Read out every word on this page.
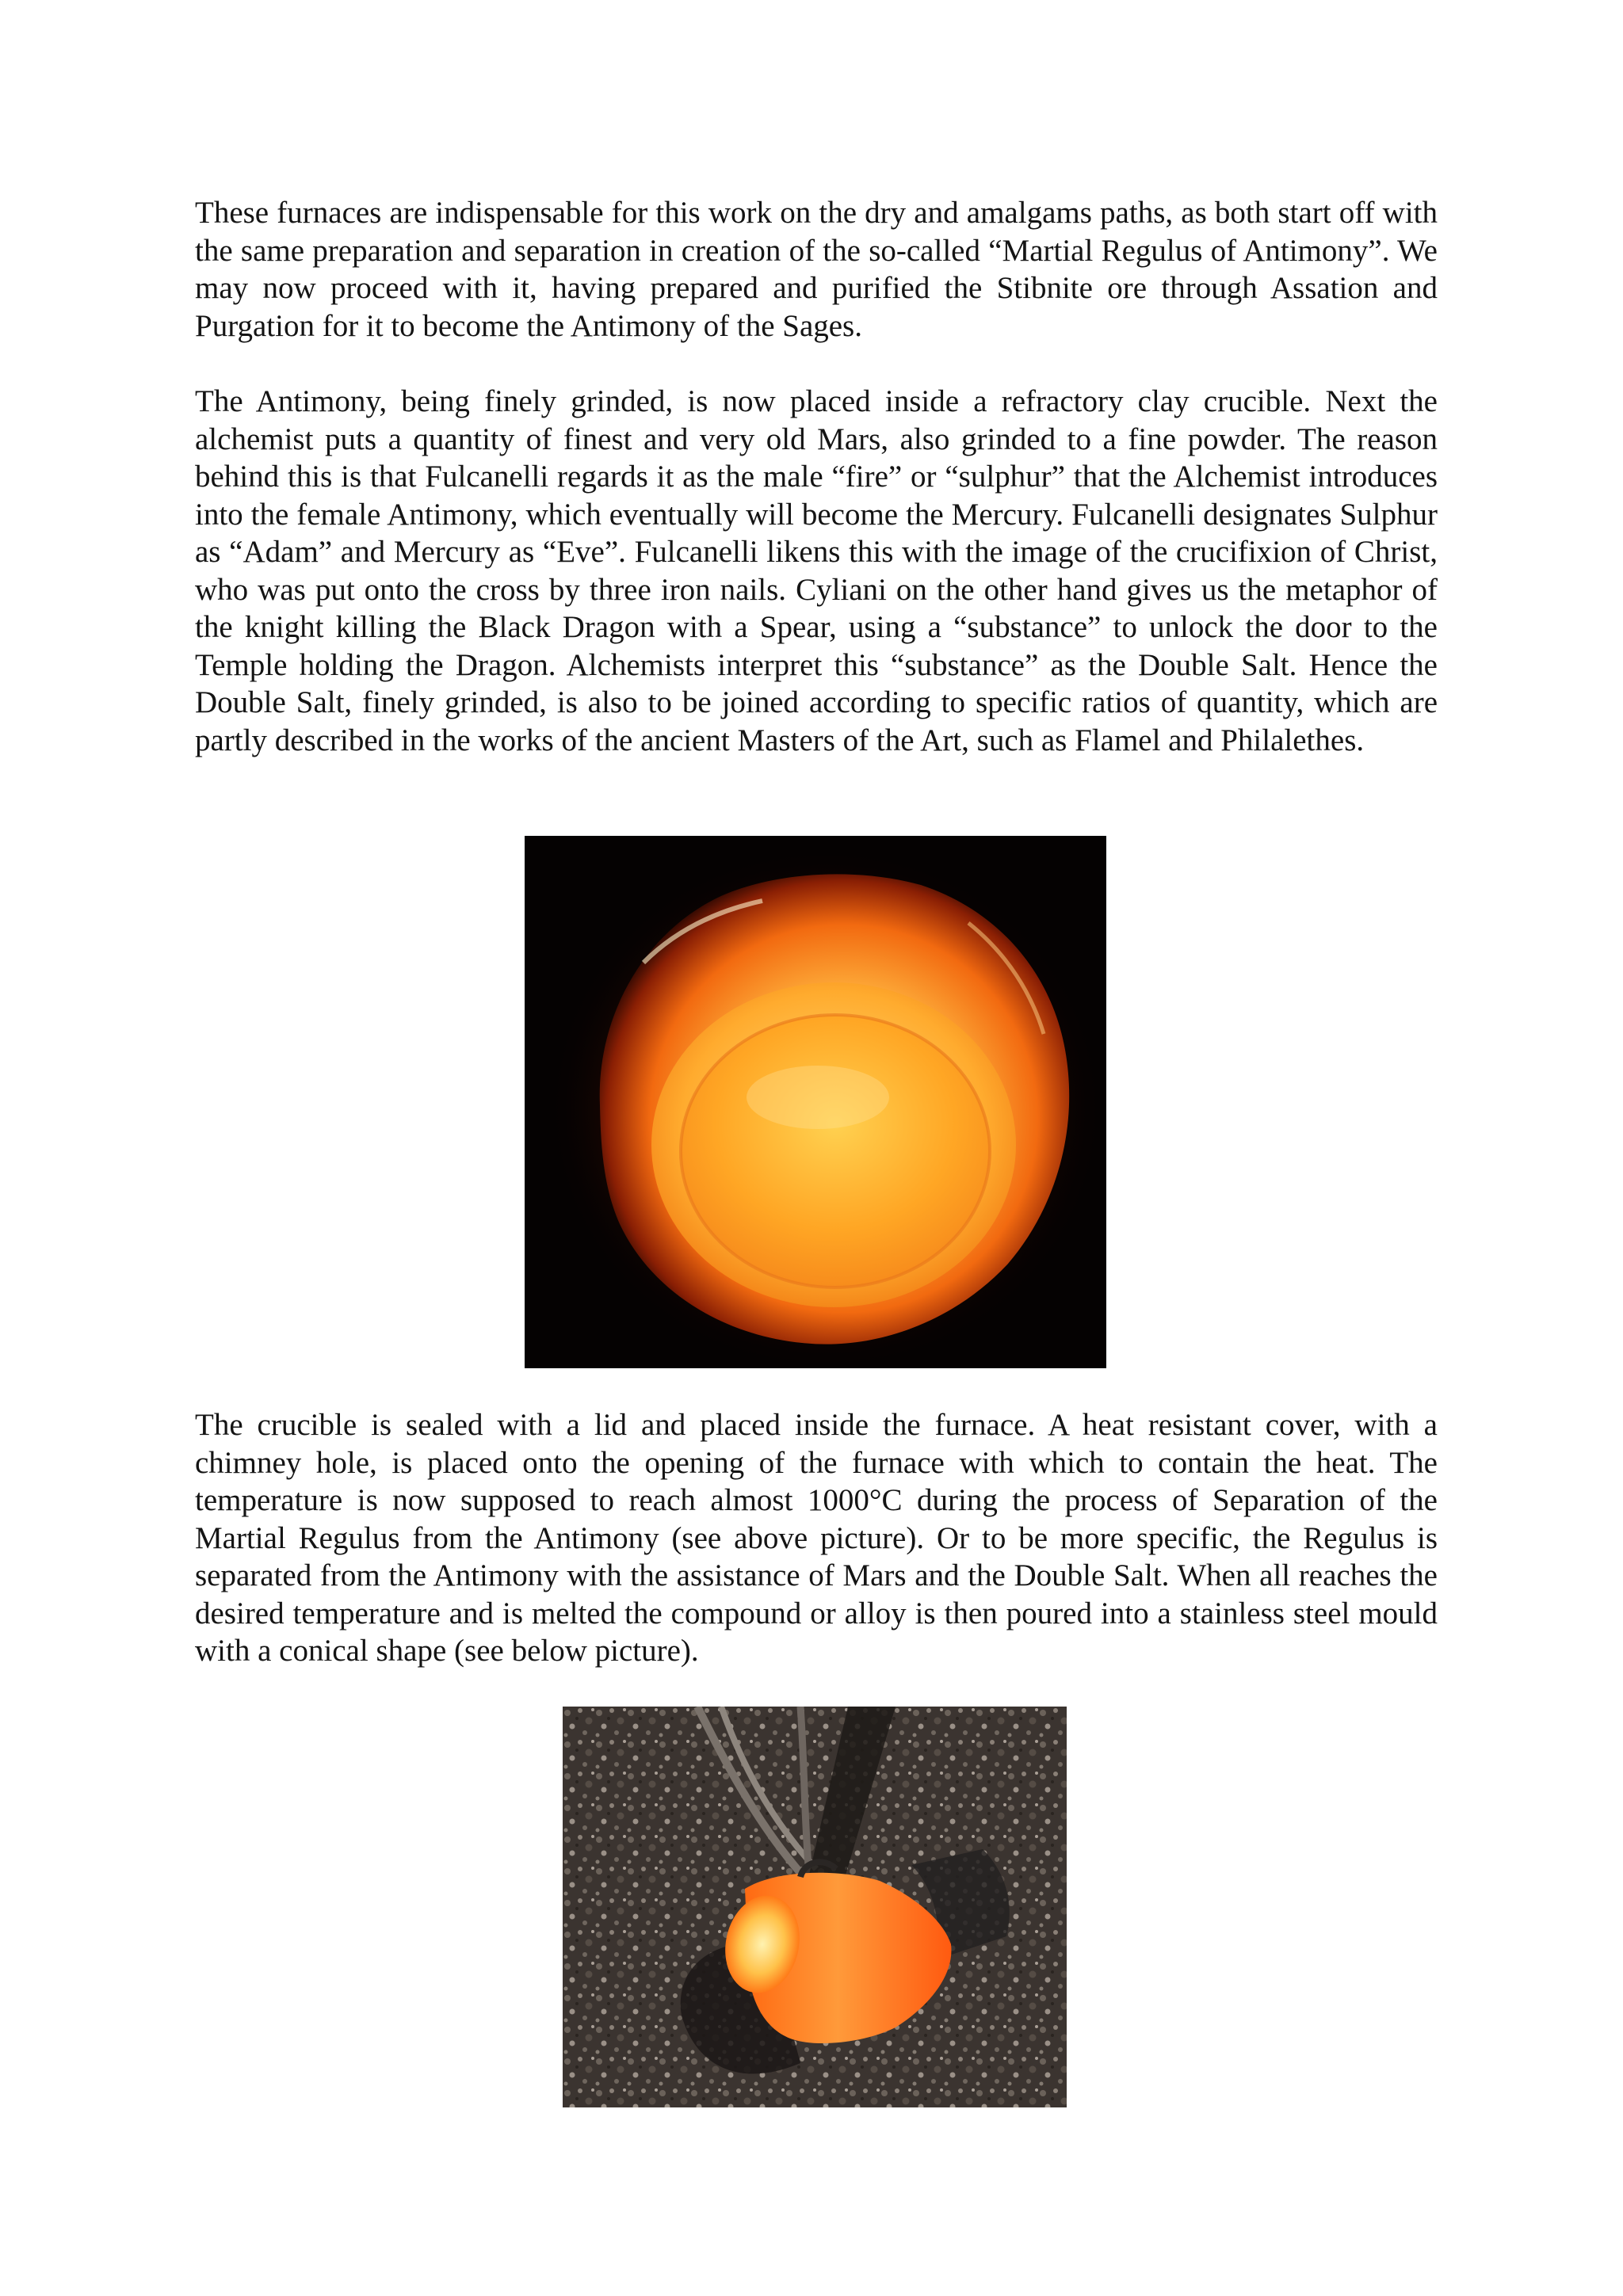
These furnaces are indispensable for this work on the dry and amalgams paths, as both start off with the same preparation and separation in creation of the so-called “Martial Regulus of Antimony”. We may now proceed with it, having prepared and purified the Stibnite ore through Assation and Purgation for it to become the Antimony of the Sages.

The Antimony, being finely grinded, is now placed inside a refractory clay crucible. Next the alchemist puts a quantity of finest and very old Mars, also grinded to a fine powder. The reason behind this is that Fulcanelli regards it as the male “fire” or “sulphur” that the Alchemist introduces into the female Antimony, which eventually will become the Mercury. Fulcanelli designates Sulphur as “Adam” and Mercury as “Eve”. Fulcanelli likens this with the image of the crucifixion of Christ, who was put onto the cross by three iron nails. Cyliani on the other hand gives us the metaphor of the knight killing the Black Dragon with a Spear, using a “substance” to unlock the door to the Temple holding the Dragon. Alchemists interpret this “substance” as the Double Salt. Hence the Double Salt, finely grinded, is also to be joined according to specific ratios of quantity, which are partly described in the works of the ancient Masters of the Art, such as Flamel and Philalethes.

The crucible is sealed with a lid and placed inside the furnace. A heat resistant cover, with a chimney hole, is placed onto the opening of the furnace with which to contain the heat. The temperature is now supposed to reach almost 1000°C during the process of Separation of the Martial Regulus from the Antimony (see above picture). Or to be more specific, the Regulus is separated from the Antimony with the assistance of Mars and the Double Salt. When all reaches the desired temperature and is melted the compound or alloy is then poured into a stainless steel mould with a conical shape (see below picture).
